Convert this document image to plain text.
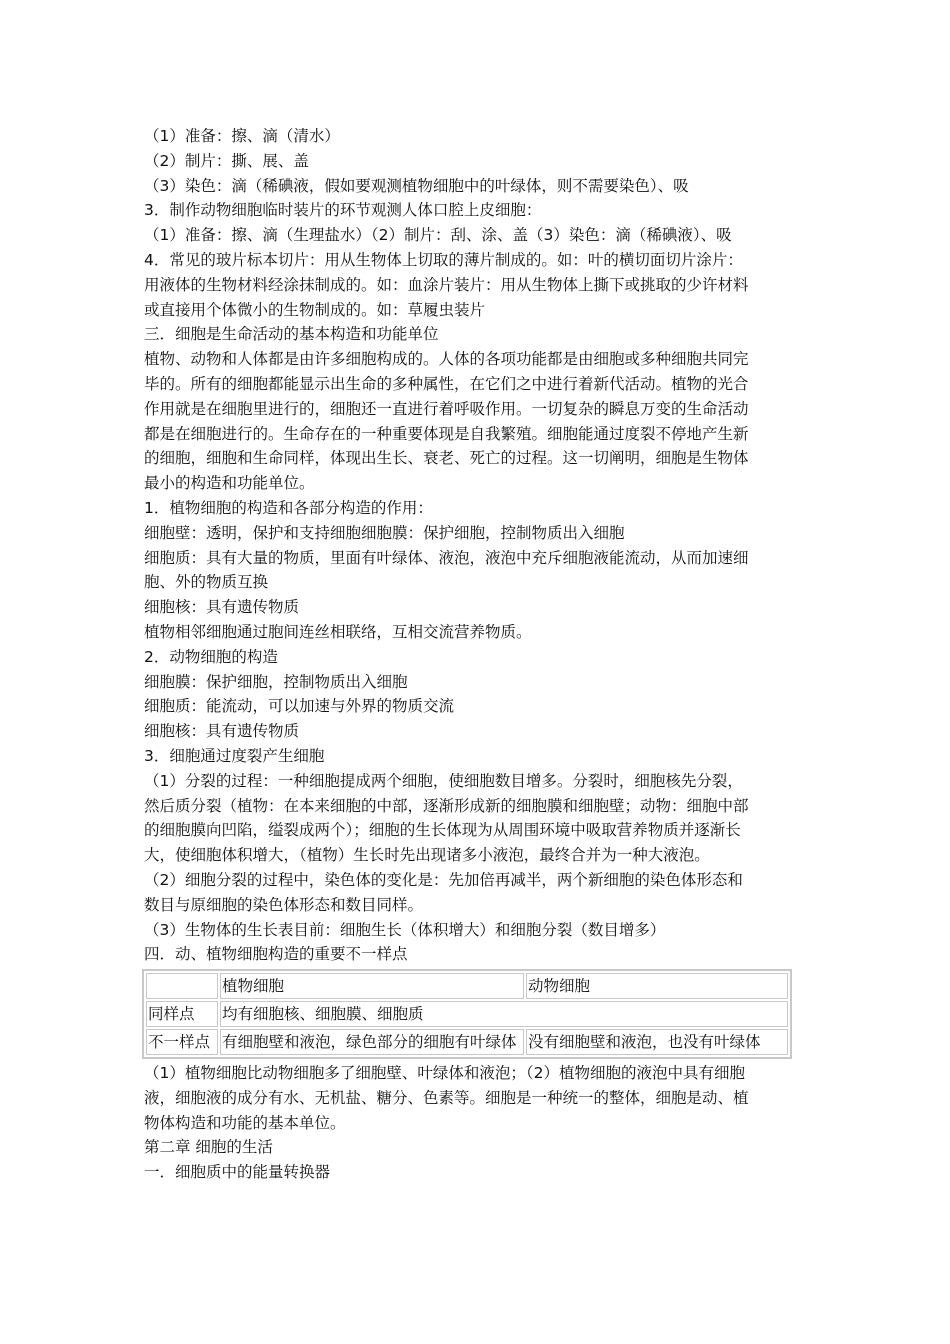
（1）准备：擦、滴（清水）
（2）制片：撕、展、盖
（3）染色：滴（稀碘液，假如要观测植物细胞中的叶绿体，则不需要染色）、吸
3．制作动物细胞临时装片的环节观测人体口腔上皮细胞：
（1）准备：擦、滴（生理盐水）（2）制片：刮、涂、盖（3）染色：滴（稀碘液）、吸
4．常见的玻片标本切片：用从生物体上切取的薄片制成的。如：叶的横切面切片涂片：
用液体的生物材料经涂抹制成的。如：血涂片装片：用从生物体上撕下或挑取的少许材料
或直接用个体微小的生物制成的。如：草履虫装片
三．细胞是生命活动的基本构造和功能单位
植物、动物和人体都是由许多细胞构成的。人体的各项功能都是由细胞或多种细胞共同完
毕的。所有的细胞都能显示出生命的多种属性，在它们之中进行着新代活动。植物的光合
作用就是在细胞里进行的，细胞还一直进行着呼吸作用。一切复杂的瞬息万变的生命活动
都是在细胞进行的。生命存在的一种重要体现是自我繁殖。细胞能通过度裂不停地产生新
的细胞，细胞和生命同样，体现出生长、衰老、死亡的过程。这一切阐明，细胞是生物体
最小的构造和功能单位。
1．植物细胞的构造和各部分构造的作用：
细胞壁：透明，保护和支持细胞细胞膜：保护细胞，控制物质出入细胞
细胞质：具有大量的物质，里面有叶绿体、液泡，液泡中充斥细胞液能流动，从而加速细
胞、外的物质互换
细胞核：具有遗传物质
植物相邻细胞通过胞间连丝相联络，互相交流营养物质。
2．动物细胞的构造
细胞膜：保护细胞，控制物质出入细胞
细胞质：能流动，可以加速与外界的物质交流
细胞核：具有遗传物质
3．细胞通过度裂产生细胞
（1）分裂的过程：一种细胞提成两个细胞，使细胞数目增多。分裂时，细胞核先分裂，
然后质分裂（植物：在本来细胞的中部，逐渐形成新的细胞膜和细胞壁；动物：细胞中部
的细胞膜向凹陷，缢裂成两个）；细胞的生长体现为从周围环境中吸取营养物质并逐渐长
大，使细胞体积增大，（植物）生长时先出现诸多小液泡，最终合并为一种大液泡。
（2）细胞分裂的过程中，染色体的变化是：先加倍再减半，两个新细胞的染色体形态和
数目与原细胞的染色体形态和数目同样。
（3）生物体的生长表目前：细胞生长（体积增大）和细胞分裂（数目增多）
四．动、植物细胞构造的重要不一样点
	植物细胞	动物细胞
同样点	均有细胞核、细胞膜、细胞质	
不一样点	有细胞壁和液泡，绿色部分的细胞有叶绿体	没有细胞壁和液泡，也没有叶绿体
（1）植物细胞比动物细胞多了细胞壁、叶绿体和液泡；（2）植物细胞的液泡中具有细胞
液，细胞液的成分有水、无机盐、糖分、色素等。细胞是一种统一的整体，细胞是动、植
物体构造和功能的基本单位。
第二章 细胞的生活
一．细胞质中的能量转换器
